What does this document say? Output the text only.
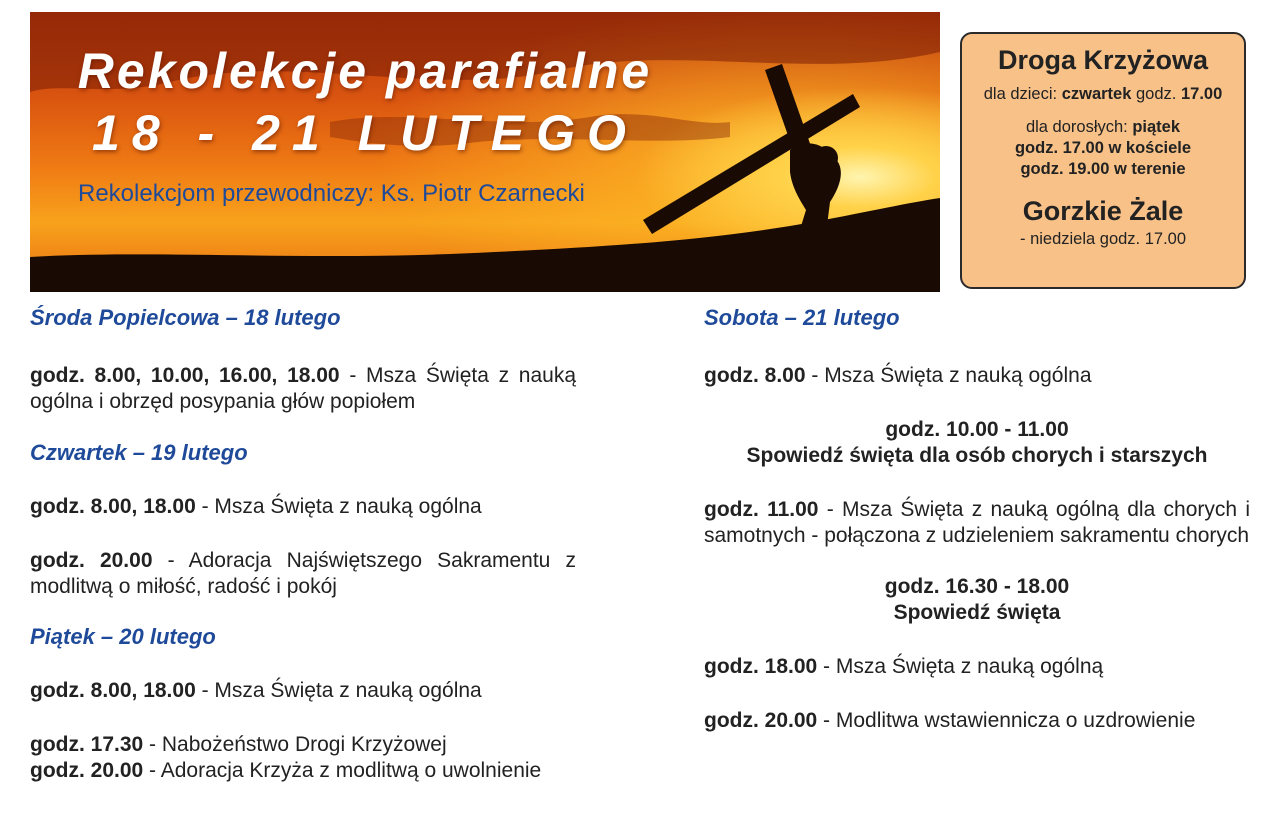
Rekolekcje parafialne
18 - 21 LUTEGO
Rekolekcjom przewodniczy: Ks. Piotr Czarnecki
Droga Krzyżowa
dla dzieci: czwartek godz. 17.00
dla dorosłych: piątek
godz. 17.00 w kościele
godz. 19.00 w terenie
Gorzkie Żale
- niedziela godz. 17.00

Środa Popielcowa – 18 lutego

godz. 8.00, 10.00, 16.00, 18.00 - Msza Święta z nauką ogólna i obrzęd posypania głów popiołem

Czwartek – 19 lutego

godz. 8.00, 18.00 - Msza Święta z nauką ogólna

godz. 20.00 - Adoracja Najświętszego Sakramentu z modlitwą o miłość, radość i pokój

Piątek – 20 lutego

godz. 8.00, 18.00 - Msza Święta z nauką ogólna

godz. 17.30 - Nabożeństwo Drogi Krzyżowej

godz. 20.00 - Adoracja Krzyża z modlitwą o uwolnienie

Sobota – 21 lutego

godz. 8.00 - Msza Święta z nauką ogólna

godz. 10.00 - 11.00
Spowiedź święta dla osób chorych i starszych

godz. 11.00 - Msza Święta z nauką ogólną dla chorych i samotnych - połączona z udzieleniem sakramentu chorych

godz. 16.30 - 18.00
Spowiedź święta

godz. 18.00 - Msza Święta z nauką ogólną

godz. 20.00 - Modlitwa wstawiennicza o uzdrowienie
